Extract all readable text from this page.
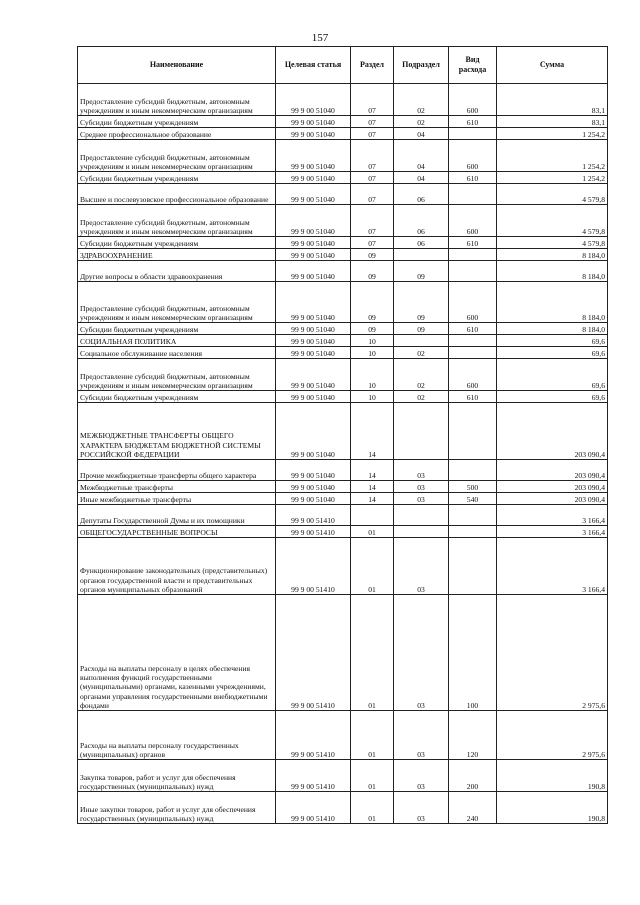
157
Наименование	Целевая статья	Раздел	Подраздел	Вид расхода	Сумма
Предоставление субсидий бюджетным, автономным учреждениям и иным некоммерческим организациям	99 9 00 51040	07	02	600	83,1
Субсидии бюджетным учреждениям	99 9 00 51040	07	02	610	83,1
Среднее профессиональное образование	99 9 00 51040	07	04		1 254,2
Предоставление субсидий бюджетным, автономным учреждениям и иным некоммерческим организациям	99 9 00 51040	07	04	600	1 254,2
Субсидии бюджетным учреждениям	99 9 00 51040	07	04	610	1 254,2
Высшее и послевузовское профессиональное образование	99 9 00 51040	07	06		4 579,8
Предоставление субсидий бюджетным, автономным учреждениям и иным некоммерческим организациям	99 9 00 51040	07	06	600	4 579,8
Субсидии бюджетным учреждениям	99 9 00 51040	07	06	610	4 579,8
ЗДРАВООХРАНЕНИЕ	99 9 00 51040	09			8 184,0
Другие вопросы в области здравоохранения	99 9 00 51040	09	09		8 184,0
Предоставление субсидий бюджетным, автономным учреждениям и иным некоммерческим организациям	99 9 00 51040	09	09	600	8 184,0
Субсидии бюджетным учреждениям	99 9 00 51040	09	09	610	8 184,0
СОЦИАЛЬНАЯ ПОЛИТИКА	99 9 00 51040	10			69,6
Социальное обслуживание населения	99 9 00 51040	10	02		69,6
Предоставление субсидий бюджетным, автономным учреждениям и иным некоммерческим организациям	99 9 00 51040	10	02	600	69,6
Субсидии бюджетным учреждениям	99 9 00 51040	10	02	610	69,6
МЕЖБЮДЖЕТНЫЕ ТРАНСФЕРТЫ ОБЩЕГО ХАРАКТЕРА БЮДЖЕТАМ БЮДЖЕТНОЙ СИСТЕМЫ РОССИЙСКОЙ ФЕДЕРАЦИИ	99 9 00 51040	14			203 090,4
Прочие межбюджетные трансферты общего характера	99 9 00 51040	14	03		203 090,4
Межбюджетные трансферты	99 9 00 51040	14	03	500	203 090,4
Иные межбюджетные трансферты	99 9 00 51040	14	03	540	203 090,4
Депутаты Государственной Думы и их помощники	99 9 00 51410				3 166,4
ОБЩЕГОСУДАРСТВЕННЫЕ ВОПРОСЫ	99 9 00 51410	01			3 166,4
Функционирование законодательных (представительных) органов государственной власти и представительных органов муниципальных образований	99 9 00 51410	01	03		3 166,4
Расходы на выплаты персоналу в целях обеспечения выполнения функций государственными (муниципальными) органами, казенными учреждениями, органами управления государственными внебюджетными фондами	99 9 00 51410	01	03	100	2 975,6
Расходы на выплаты персоналу государственных (муниципальных) органов	99 9 00 51410	01	03	120	2 975,6
Закупка товаров, работ и услуг для обеспечения государственных (муниципальных) нужд	99 9 00 51410	01	03	200	190,8
Иные закупки товаров, работ и услуг для обеспечения государственных (муниципальных) нужд	99 9 00 51410	01	03	240	190,8
